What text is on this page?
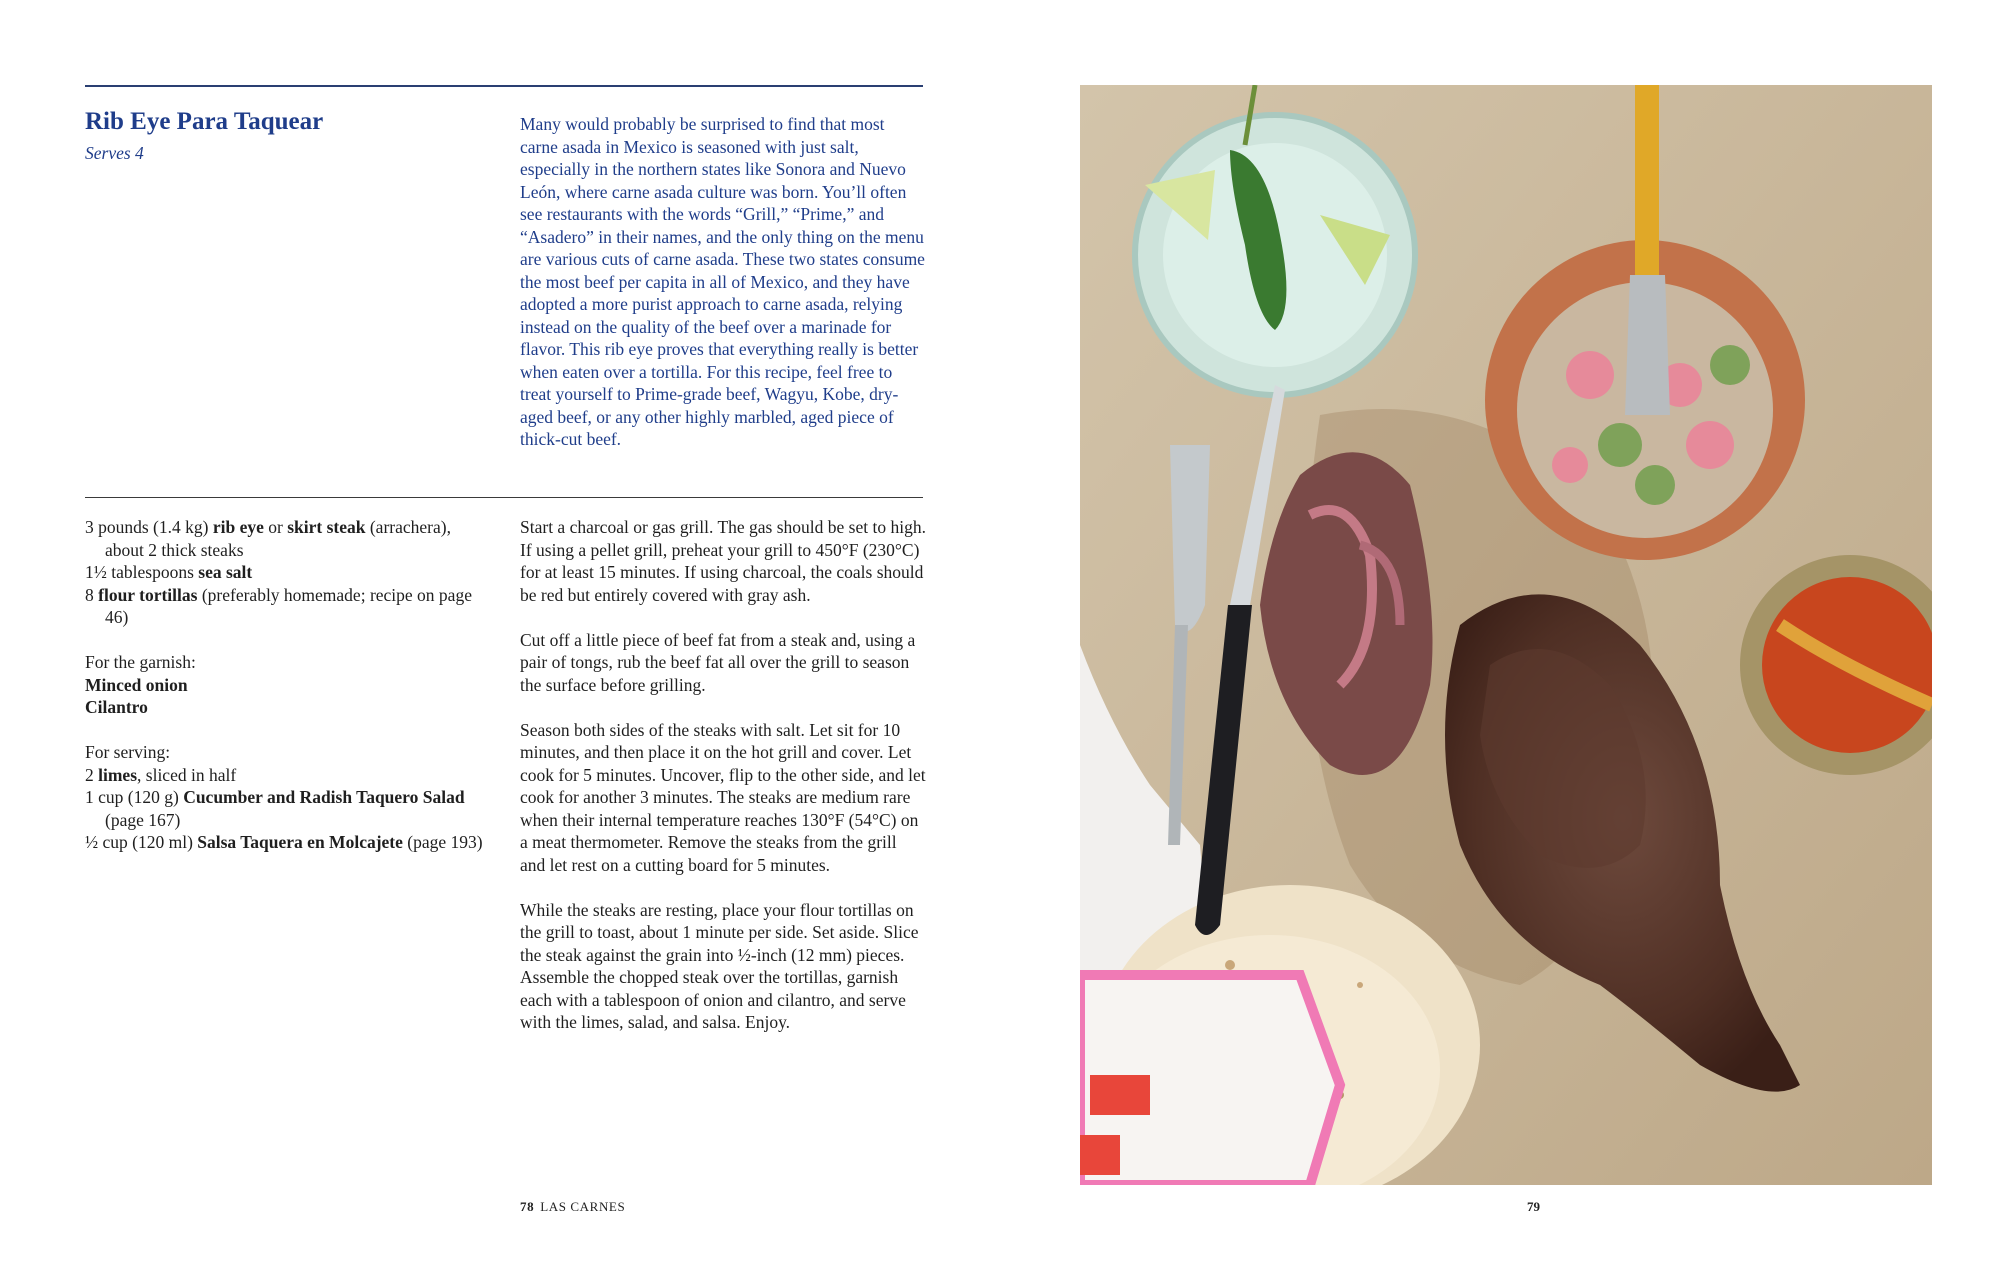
Rib Eye Para Taquear
Serves 4

Many would probably be surprised to find that most carne asada in Mexico is seasoned with just salt, especially in the northern states like Sonora and Nuevo León, where carne asada culture was born. You’ll often see restaurants with the words “Grill,” “Prime,” and “Asadero” in their names, and the only thing on the menu are various cuts of carne asada. These two states consume the most beef per capita in all of Mexico, and they have adopted a more purist approach to carne asada, relying instead on the quality of the beef over a marinade for flavor. This rib eye proves that everything really is better when eaten over a tortilla. For this recipe, feel free to treat yourself to Prime-grade beef, Wagyu, Kobe, dry-aged beef, or any other highly marbled, aged piece of thick-cut beef.

3 pounds (1.4 kg) rib eye or skirt steak (arrachera), about 2 thick steaks

1½ tablespoons sea salt

8 flour tortillas (preferably homemade; recipe on page 46)

For the garnish:

Minced onion

Cilantro

For serving:

2 limes, sliced in half

1 cup (120 g) Cucumber and Radish Taquero Salad (page 167)

½ cup (120 ml) Salsa Taquera en Molcajete (page 193)

Start a charcoal or gas grill. The gas should be set to high. If using a pellet grill, preheat your grill to 450°F (230°C) for at least 15 minutes. If using charcoal, the coals should be red but entirely covered with gray ash.

Cut off a little piece of beef fat from a steak and, using a pair of tongs, rub the beef fat all over the grill to season the surface before grilling.

Season both sides of the steaks with salt. Let sit for 10 minutes, and then place it on the hot grill and cover. Let cook for 5 minutes. Uncover, flip to the other side, and let cook for another 3 minutes. The steaks are medium rare when their internal temperature reaches 130°F (54°C) on a meat thermometer. Remove the steaks from the grill and let rest on a cutting board for 5 minutes.

While the steaks are resting, place your flour tortillas on the grill to toast, about 1 minute per side. Set aside. Slice the steak against the grain into ½-inch (12 mm) pieces. Assemble the chopped steak over the tortillas, garnish each with a tablespoon of onion and cilantro, and serve with the limes, salad, and salsa. Enjoy.

78 LAS CARNES	79
